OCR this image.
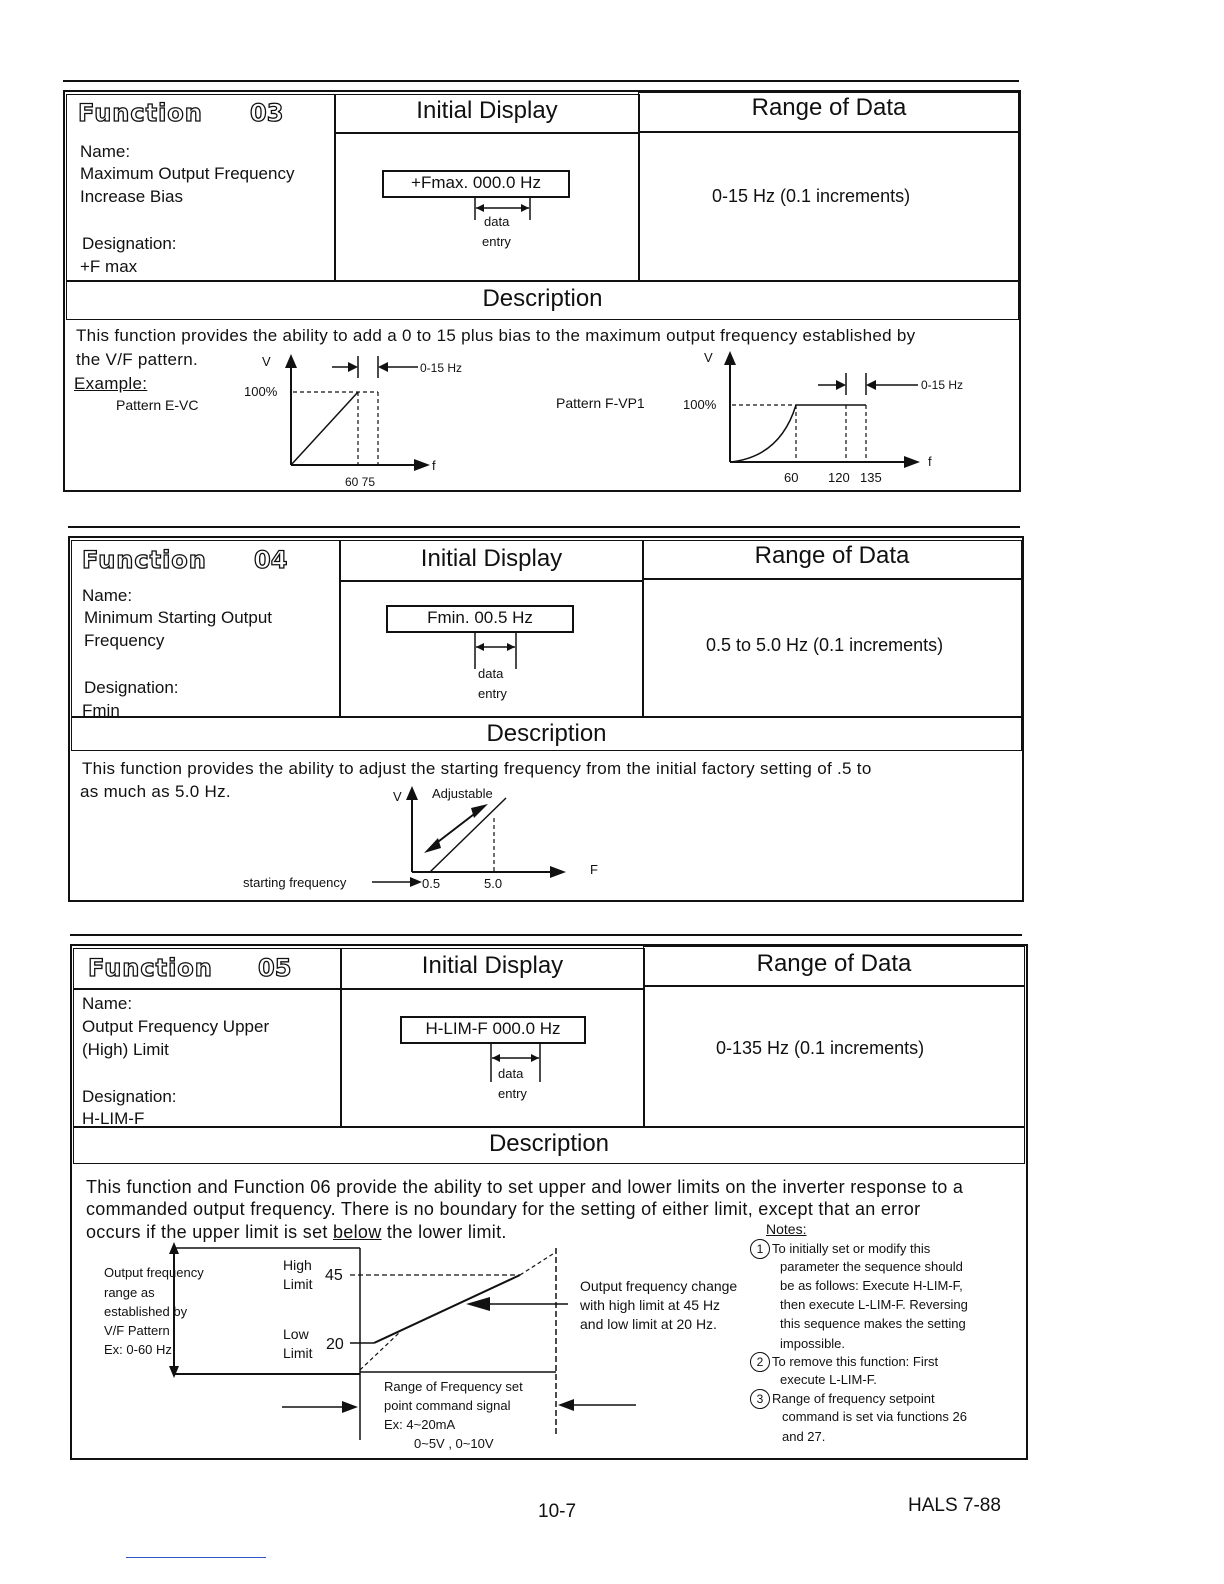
Function 03	Initial Display	Range of Data
Name:
Maximum Output Frequency
Increase Bias
Designation:
+F max
+Fmax. 000.0 Hz
data
entry
0-15 Hz (0.1 increments)
Description
This function provides the ability to add a 0 to 15 plus bias to the maximum output frequency established by
the V/F pattern.
Example:
Pattern E-VC	Pattern F-VP1
V
100%
0-15 Hz
f
60 75
V
100%
0-15 Hz
f
60 120 135
Function 04	Initial Display	Range of Data
Name:
Minimum Starting Output
Frequency
Designation:
Fmin
Fmin. 00.5 Hz
data
entry
0.5 to 5.0 Hz (0.1 increments)
Description
This function provides the ability to adjust the starting frequency from the initial factory setting of .5 to
as much as 5.0 Hz.	V Adjustable
F
starting frequency	0.5	5.0
Function 05	Initial Display	Range of Data
Name:
Output Frequency Upper
(High) Limit
Designation:
H-LIM-F
H-LIM-F 000.0 Hz
data
entry
0-135 Hz (0.1 increments)
Description
This function and Function 06 provide the ability to set upper and lower limits on the inverter response to a
commanded output frequency. There is no boundary for the setting of either limit, except that an error
occurs if the upper limit is set below the lower limit.
Output frequency
range as
established by
V/F Pattern
Ex: 0-60 Hz
High
Limit 45
Low
Limit 20
Output frequency change
with high limit at 45 Hz
and low limit at 20 Hz.
Range of Frequency set
point command signal
Ex: 4~20mA
0~5V , 0~10V
Notes:
1 To initially set or modify this
parameter the sequence should
be as follows: Execute H-LIM-F,
then execute L-LIM-F. Reversing
this sequence makes the setting
impossible.
2 To remove this function: First
execute L-LIM-F.
3 Range of frequency setpoint
command is set via functions 26
and 27.
10-7	HALS 7-88
